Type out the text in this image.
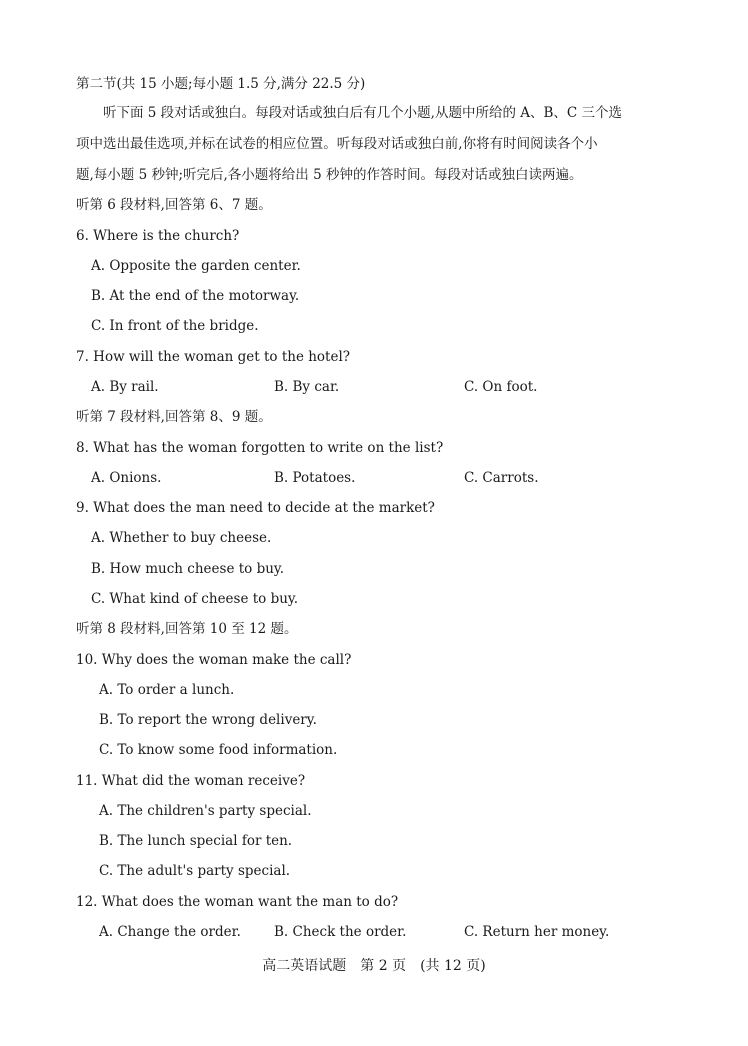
第二节(共 15 小题;每小题 1.5 分,满分 22.5 分)
听下面 5 段对话或独白。每段对话或独白后有几个小题,从题中所给的 A、B、C 三个选
项中选出最佳选项,并标在试卷的相应位置。听每段对话或独白前,你将有时间阅读各个小
题,每小题 5 秒钟;听完后,各小题将给出 5 秒钟的作答时间。每段对话或独白读两遍。
听第 6 段材料,回答第 6、7 题。
6. Where is the church?
A. Opposite the garden center.
B. At the end of the motorway.
C. In front of the bridge.
7. How will the woman get to the hotel?
A. By rail.	B. By car.	C. On foot.
听第 7 段材料,回答第 8、9 题。
8. What has the woman forgotten to write on the list?
A. Onions.	B. Potatoes.	C. Carrots.
9. What does the man need to decide at the market?
A. Whether to buy cheese.
B. How much cheese to buy.
C. What kind of cheese to buy.
听第 8 段材料,回答第 10 至 12 题。
10. Why does the woman make the call?
A. To order a lunch.
B. To report the wrong delivery.
C. To know some food information.
11. What did the woman receive?
A. The children's party special.
B. The lunch special for ten.
C. The adult's party special.
12. What does the woman want the man to do?
A. Change the order. B. Check the order.	C. Return her money.
高二英语试题　第 2 页　(共 12 页)
